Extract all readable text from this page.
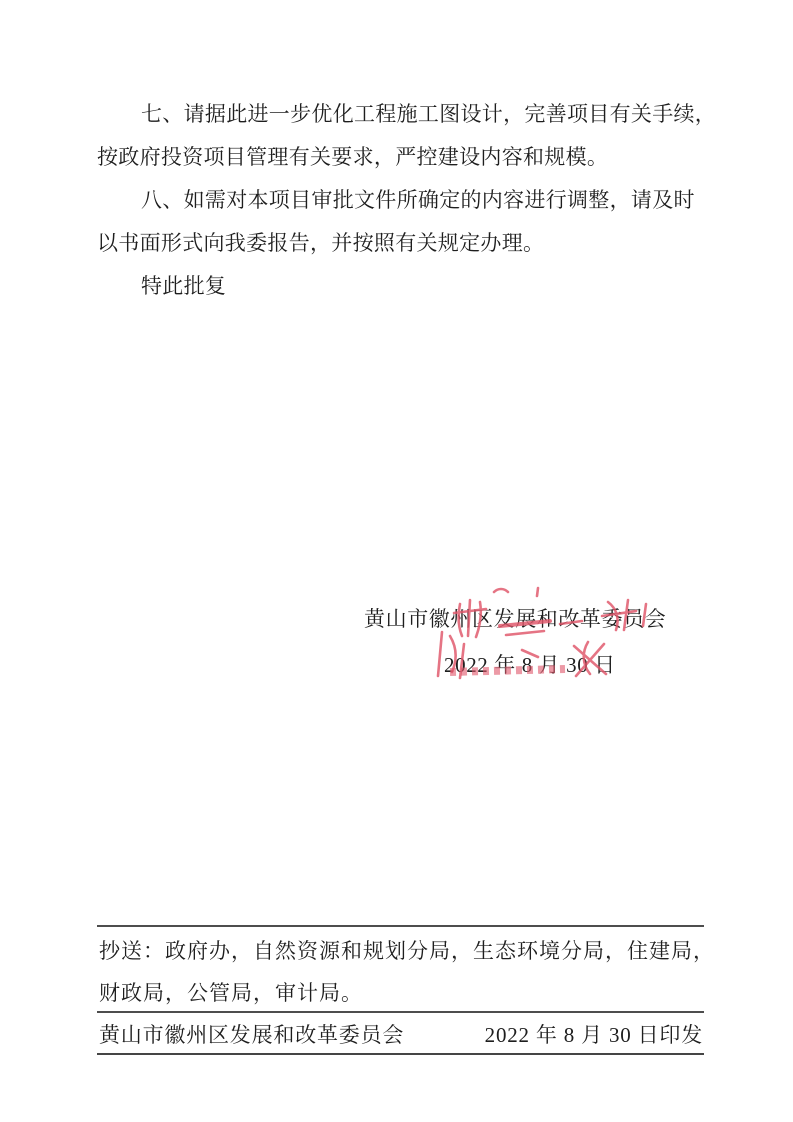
七、请据此进一步优化工程施工图设计，完善项目有关手续，
按政府投资项目管理有关要求，严控建设内容和规模。
八、如需对本项目审批文件所确定的内容进行调整，请及时
以书面形式向我委报告，并按照有关规定办理。
特此批复
黄山市徽州区发展和改革委员会
2022 年 8 月 30 日
抄送：政府办，自然资源和规划分局，生态环境分局，住建局，
财政局，公管局，审计局。
黄山市徽州区发展和改革委员会	2022 年 8 月 30 日印发
